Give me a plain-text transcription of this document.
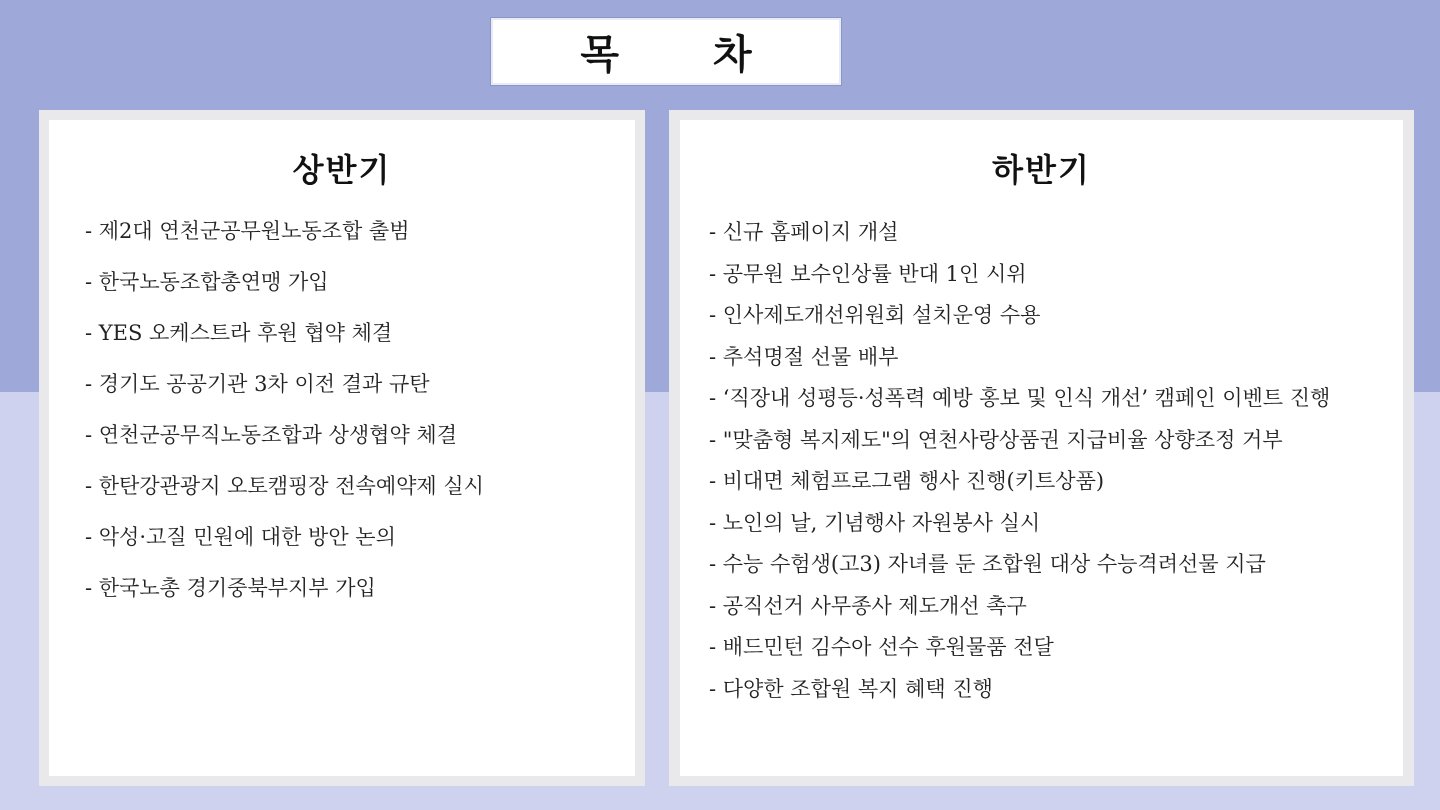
목 차
상반기
- 제2대 연천군공무원노동조합 출범
- 한국노동조합총연맹 가입
- YES 오케스트라 후원 협약 체결
- 경기도 공공기관 3차 이전 결과 규탄
- 연천군공무직노동조합과 상생협약 체결
- 한탄강관광지 오토캠핑장 전속예약제 실시
- 악성·고질 민원에 대한 방안 논의
- 한국노총 경기중북부지부 가입
하반기
- 신규 홈페이지 개설
- 공무원 보수인상률 반대 1인 시위
- 인사제도개선위원회 설치운영 수용
- 추석명절 선물 배부
- ‘직장내 성평등·성폭력 예방 홍보 및 인식 개선’ 캠페인 이벤트 진행
- "맞춤형 복지제도"의 연천사랑상품권 지급비율 상향조정 거부
- 비대면 체험프로그램 행사 진행(키트상품)
- 노인의 날, 기념행사 자원봉사 실시
- 수능 수험생(고3) 자녀를 둔 조합원 대상 수능격려선물 지급
- 공직선거 사무종사 제도개선 촉구
- 배드민턴 김수아 선수 후원물품 전달
- 다양한 조합원 복지 혜택 진행
